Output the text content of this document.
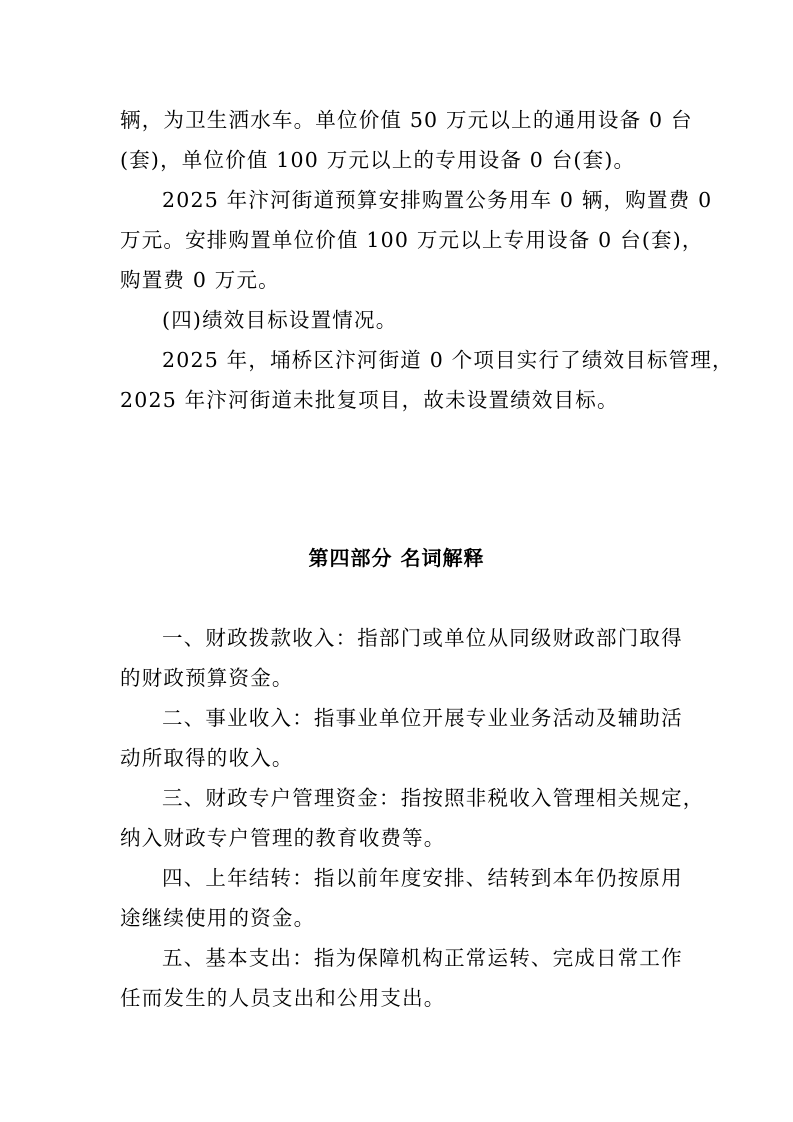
辆，为卫生洒水车。单位价值 50 万元以上的通用设备 0 台
(套)，单位价值 100 万元以上的专用设备 0 台(套)。
2025 年汴河街道预算安排购置公务用车 0 辆，购置费 0
万元。安排购置单位价值 100 万元以上专用设备 0 台(套)，
购置费 0 万元。
(四)绩效目标设置情况。
2025 年，埇桥区汴河街道 0 个项目实行了绩效目标管理，
2025 年汴河街道未批复项目，故未设置绩效目标。
第四部分 名词解释
一、财政拨款收入：指部门或单位从同级财政部门取得
的财政预算资金。
二、事业收入：指事业单位开展专业业务活动及辅助活
动所取得的收入。
三、财政专户管理资金：指按照非税收入管理相关规定，
纳入财政专户管理的教育收费等。
四、上年结转：指以前年度安排、结转到本年仍按原用
途继续使用的资金。
五、基本支出：指为保障机构正常运转、完成日常工作
任而发生的人员支出和公用支出。
